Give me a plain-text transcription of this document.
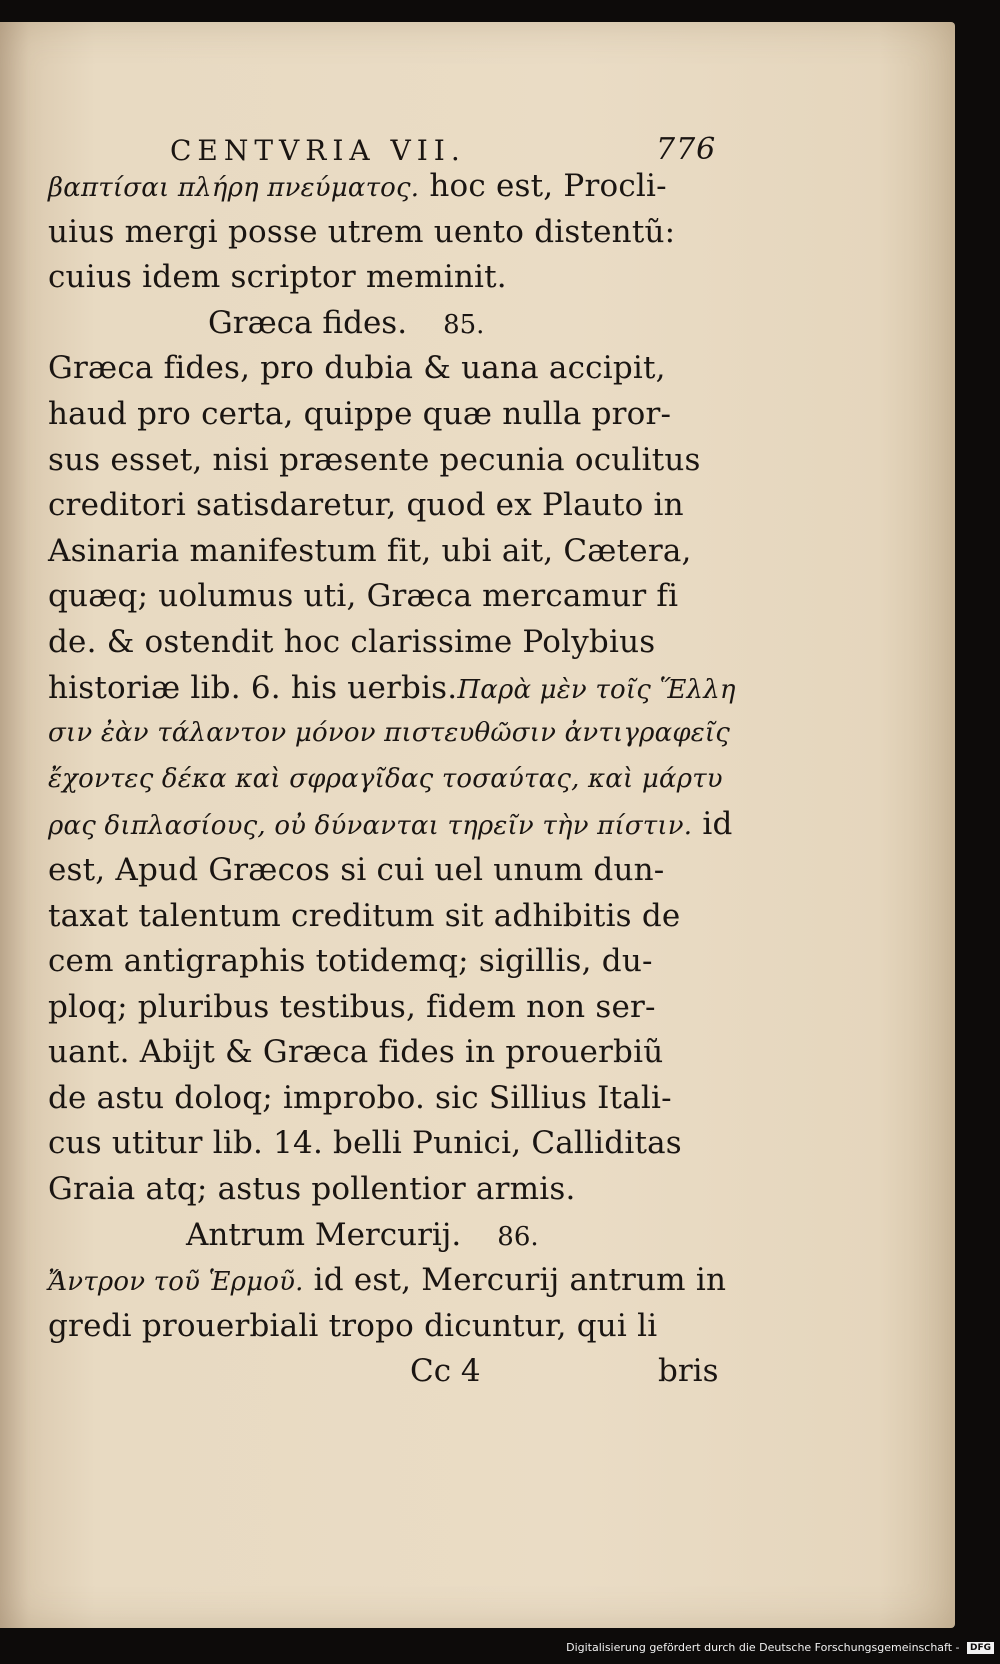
CENTVRIA VII.	776
βαπτίσαι πλήρη πνεύματος. hoc est, Procli-
uius mergi posse utrem uento distentũ:
cuius idem scriptor meminit.
Græca fides. 85.
Græca fides, pro dubia & uana accipit,
haud pro certa, quippe quæ nulla pror-
sus esset, nisi præsente pecunia oculitus
creditori satisdaretur, quod ex Plauto in
Asinaria manifestum fit, ubi ait, Cætera,
quæq; uolumus uti, Græca mercamur fi
de. & ostendit hoc clarissime Polybius
historiæ lib. 6. his uerbis.Παρὰ μὲν τοῖς Ἕλλη
σιν ἐὰν τάλαντον μόνον πιστευθῶσιν ἀντιγραφεῖς
ἔχοντες δέκα καὶ σφραγῖδας τοσαύτας, καὶ μάρτυ
ρας διπλασίους, οὐ δύνανται τηρεῖν τὴν πίστιν. id
est, Apud Græcos si cui uel unum dun-
taxat talentum creditum sit adhibitis de
cem antigraphis totidemq; sigillis, du-
ploq; pluribus testibus, fidem non ser-
uant. Abijt & Græca fides in prouerbiũ
de astu doloq; improbo. sic Sillius Itali-
cus utitur lib. 14. belli Punici, Calliditas
Graia atq; astus pollentior armis.
Antrum Mercurij. 86.
Ἄντρον τοῦ Ἑρμοῦ. id est, Mercurij antrum in
gredi prouerbiali tropo dicuntur, qui li
Cc 4	bris
Digitalisierung gefördert durch die Deutsche Forschungsgemeinschaft - DFG
